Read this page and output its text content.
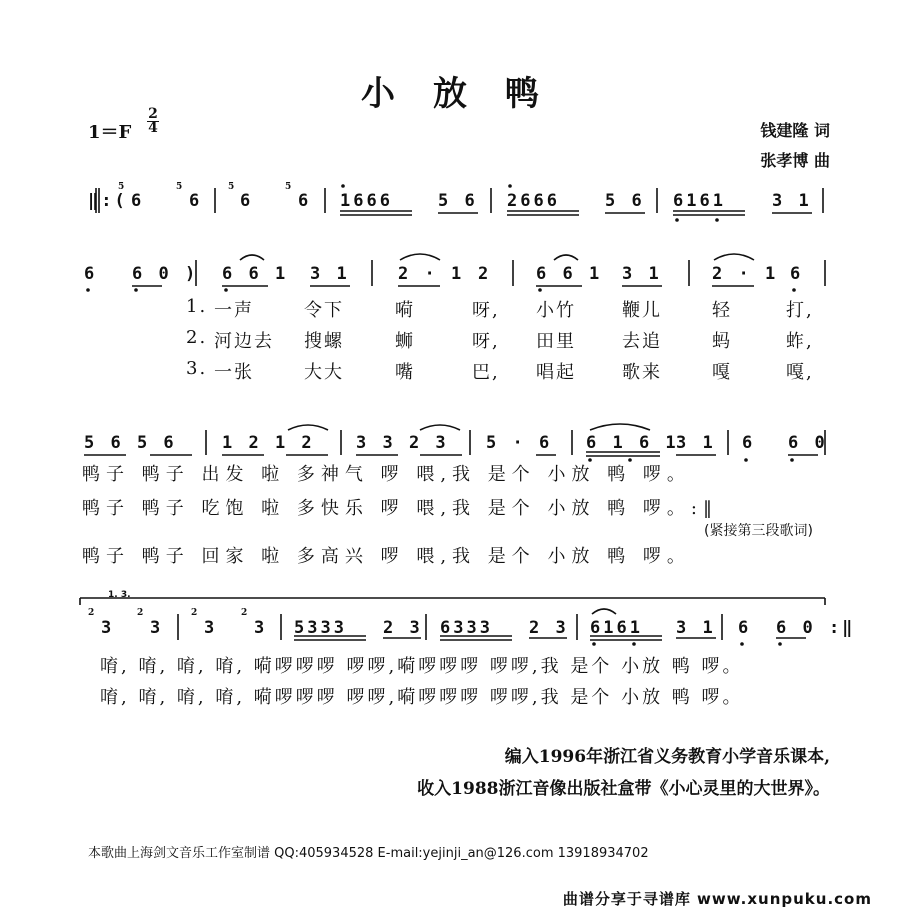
小放鸭
1＝F
2
4	钱建隆 词
张孝博 曲
‖:(
5
6
5
6
5
6
5
6 1666	5 6 2666	5 6 6161	3 1
6 6 0 ) 6 6 1 3 1	2 · 1 2	6 6 1 3 1	2 · 1 6
1. 一声	令下	嗬	呀, 小竹	鞭儿	轻	打,
2. 河边去 搜螺	蛳	呀, 田里	去追	蚂	蚱,
3. 一张	大大	嘴	巴, 唱起	歌来	嘎	嘎,
5 6 5 6	1 2 1 2 3 3 2 3 5 · 6 6 1 6 1
3 1 6 6 0
鸭子 鸭子 出发 啦 多神气 啰 喂,我 是个 小放 鸭 啰。
鸭子 鸭子 吃饱 啦 多快乐 啰 喂,我 是个 小放 鸭 啰。:‖
(紧接第三段歌词)
鸭子 鸭子 回家 啦 多高兴 啰 喂,我 是个 小放 鸭 啰。
1. 3.
2
3
2
3
2
3
2
3 5333 2 3 6333 2 3 6161 3 1 6 6 0 :‖
唷, 唷, 唷, 唷, 嗬啰啰啰 啰啰,嗬啰啰啰 啰啰,我 是个 小放 鸭 啰。
唷, 唷, 唷, 唷, 嗬啰啰啰 啰啰,嗬啰啰啰 啰啰,我 是个 小放 鸭 啰。
编入1996年浙江省义务教育小学音乐课本,
收入1988浙江音像出版社盒带《小心灵里的大世界》。
本歌曲上海剑文音乐工作室制谱 QQ:405934528 E-mail:yejinji_an@126.com 13918934702
曲谱分享于寻谱库 www.xunpuku.com
